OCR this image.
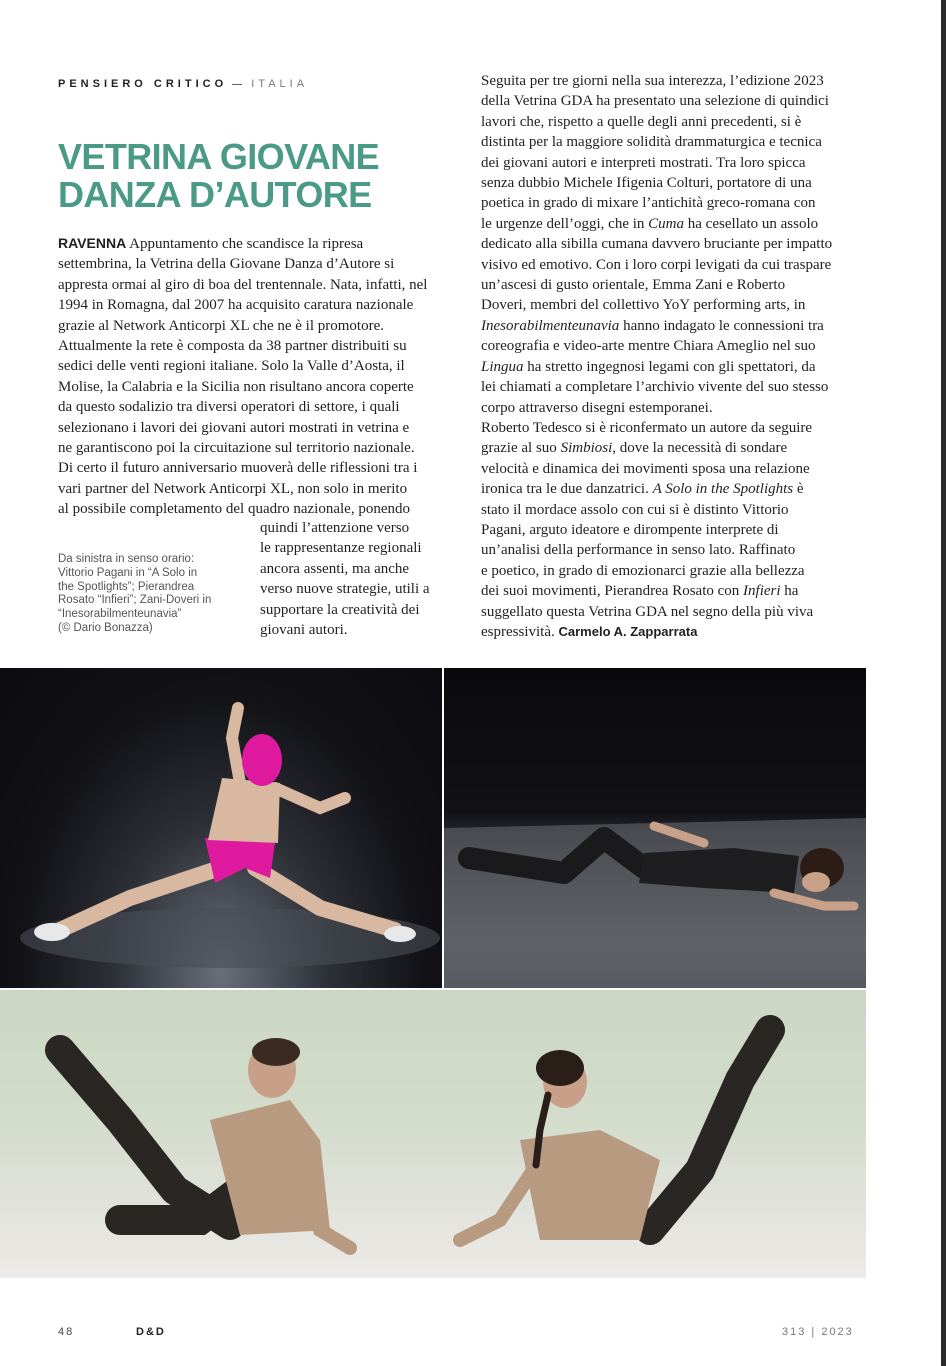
PENSIERO CRITICO ITALIA
VETRINA GIOVANE
DANZA D’AUTORE
RAVENNA Appuntamento che scandisce la ripresa
settembrina, la Vetrina della Giovane Danza d’Autore si
appresta ormai al giro di boa del trentennale. Nata, infatti, nel
1994 in Romagna, dal 2007 ha acquisito caratura nazionale
grazie al Network Anticorpi XL che ne è il promotore.
Attualmente la rete è composta da 38 partner distribuiti su
sedici delle venti regioni italiane. Solo la Valle d’Aosta, il
Molise, la Calabria e la Sicilia non risultano ancora coperte
da questo sodalizio tra diversi operatori di settore, i quali
selezionano i lavori dei giovani autori mostrati in vetrina e
ne garantiscono poi la circuitazione sul territorio nazionale.
Di certo il futuro anniversario muoverà delle riflessioni tra i
vari partner del Network Anticorpi XL, non solo in merito
al possibile completamento del quadro nazionale, ponendo
quindi l’attenzione verso
le rappresentanze regionali
ancora assenti, ma anche
verso nuove strategie, utili a
supportare la creatività dei
giovani autori.
Da sinistra in senso orario:
Vittorio Pagani in “A Solo in
the Spotlights”; Pierandrea
Rosato “Infieri”; Zani-Doveri in
“Inesorabilmenteunavia”
(© Dario Bonazza)
Seguita per tre giorni nella sua interezza, l’edizione 2023
della Vetrina GDA ha presentato una selezione di quindici
lavori che, rispetto a quelle degli anni precedenti, si è
distinta per la maggiore solidità drammaturgica e tecnica
dei giovani autori e interpreti mostrati. Tra loro spicca
senza dubbio Michele Ifigenia Colturi, portatore di una
poetica in grado di mixare l’antichità greco-romana con
le urgenze dell’oggi, che in Cuma ha cesellato un assolo
dedicato alla sibilla cumana davvero bruciante per impatto
visivo ed emotivo. Con i loro corpi levigati da cui traspare
un’ascesi di gusto orientale, Emma Zani e Roberto
Doveri, membri del collettivo YoY performing arts, in
Inesorabilmenteunavia hanno indagato le connessioni tra
coreografia e video-arte mentre Chiara Ameglio nel suo
Lingua ha stretto ingegnosi legami con gli spettatori, da
lei chiamati a completare l’archivio vivente del suo stesso
corpo attraverso disegni estemporanei.
Roberto Tedesco si è riconfermato un autore da seguire
grazie al suo Simbiosi, dove la necessità di sondare
velocità e dinamica dei movimenti sposa una relazione
ironica tra le due danzatrici. A Solo in the Spotlights è
stato il mordace assolo con cui si è distinto Vittorio
Pagani, arguto ideatore e dirompente interprete di
un’analisi della performance in senso lato. Raffinato
e poetico, in grado di emozionarci grazie alla bellezza
dei suoi movimenti, Pierandrea Rosato con Infieri ha
suggellato questa Vetrina GDA nel segno della più viva
espressività. Carmelo A. Zapparrata
48	D&D	313 | 2023
